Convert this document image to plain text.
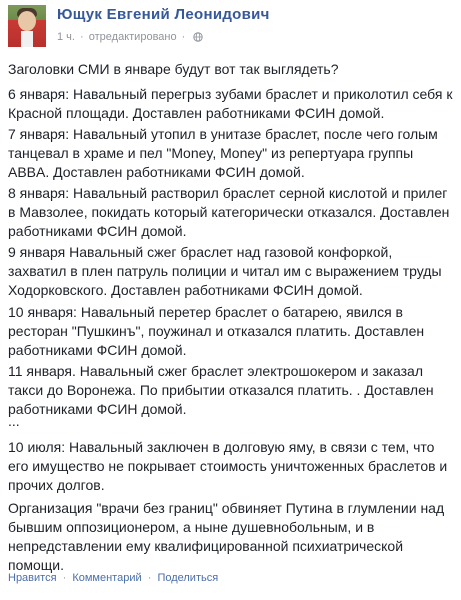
Ющук Евгений Леонидович
1 ч. · отредактировано ·

Заголовки СМИ в январе будут вот так выглядеть?

6 января: Навальный перегрыз зубами браслет и приколотил себя к Красной площади. Доставлен работниками ФСИН домой.

7 января: Навальный утопил в унитазе браслет, после чего голым танцевал в храме и пел "Money, Money" из репертуара группы ABBA. Доставлен работниками ФСИН домой.

8 января: Навальный растворил браслет серной кислотой и прилег в Мавзолее, покидать который категорически отказался. Доставлен работниками ФСИН домой.

9 января Навальный сжег браслет над газовой конфоркой, захватил в плен патруль полиции и читал им с выражением труды Ходорковского. Доставлен работниками ФСИН домой.

10 января: Навальный перетер браслет о батарею, явился в ресторан "Пушкинъ", поужинал и отказался платить. Доставлен работниками ФСИН домой.

11 января. Навальный сжег браслет электрошокером и заказал такси до Воронежа. По прибытии отказался платить. . Доставлен работниками ФСИН домой.

...

10 июля: Навальный заключен в долговую яму, в связи с тем, что его имущество не покрывает стоимость уничтоженных браслетов и прочих долгов.

Организация "врачи без границ" обвиняет Путина в глумлении над бывшим оппозиционером, а ныне душевнобольным, и в непредставлении ему квалифицированной психиатрической помощи.

Нравится · Комментарий · Поделиться
